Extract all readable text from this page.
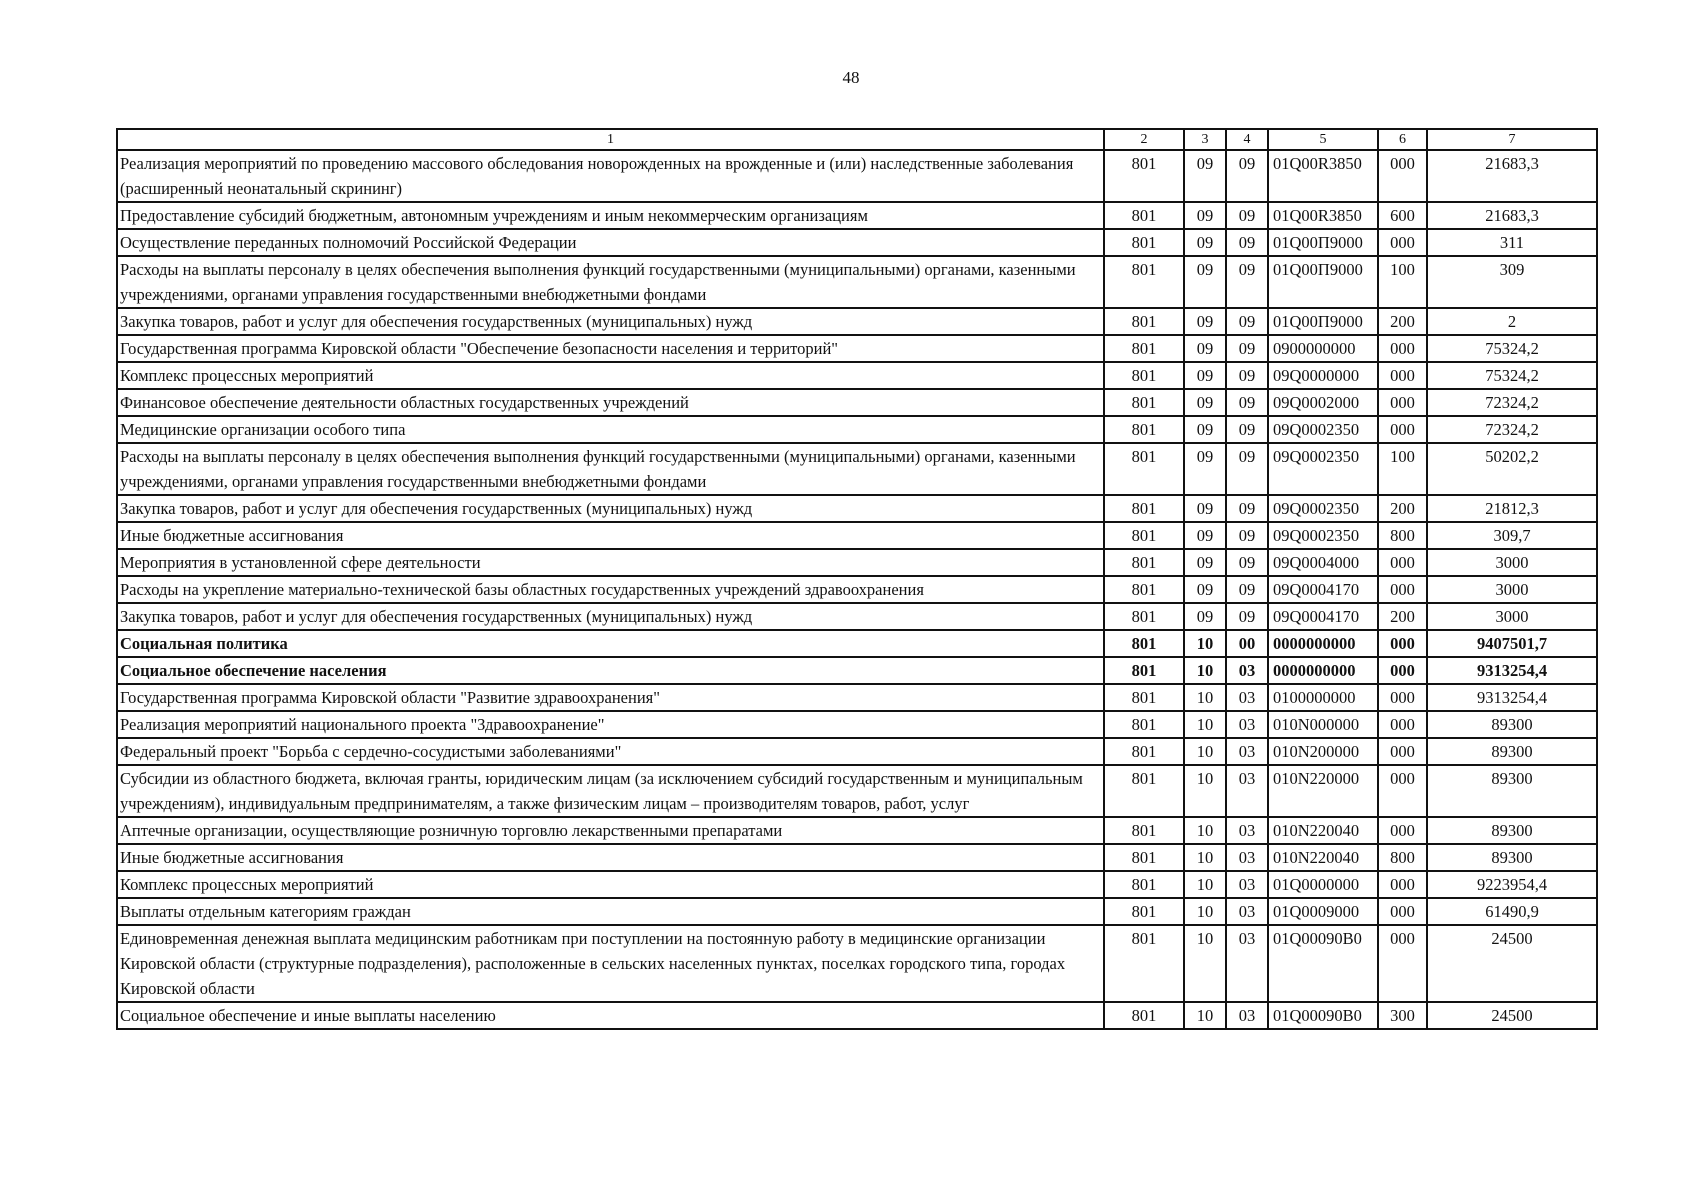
48
1	2	3	4	5	6	7
Реализация мероприятий по проведению массового обследования новорожденных на врожденные и (или) наследственные заболевания (расширенный неонатальный скрининг)	801	09	09	01Q00R3850	000	21683,3
Предоставление субсидий бюджетным, автономным учреждениям и иным некоммерческим организациям	801	09	09	01Q00R3850	600	21683,3
Осуществление переданных полномочий Российской Федерации	801	09	09	01Q00П9000	000	311
Расходы на выплаты персоналу в целях обеспечения выполнения функций государственными (муниципальными) органами, казенными учреждениями, органами управления государственными внебюджетными фондами	801	09	09	01Q00П9000	100	309
Закупка товаров, работ и услуг для обеспечения государственных (муниципальных) нужд	801	09	09	01Q00П9000	200	2
Государственная программа Кировской области "Обеспечение безопасности населения и территорий"	801	09	09	0900000000	000	75324,2
Комплекс процессных мероприятий	801	09	09	09Q0000000	000	75324,2
Финансовое обеспечение деятельности областных государственных учреждений	801	09	09	09Q0002000	000	72324,2
Медицинские организации особого типа	801	09	09	09Q0002350	000	72324,2
Расходы на выплаты персоналу в целях обеспечения выполнения функций государственными (муниципальными) органами, казенными учреждениями, органами управления государственными внебюджетными фондами	801	09	09	09Q0002350	100	50202,2
Закупка товаров, работ и услуг для обеспечения государственных (муниципальных) нужд	801	09	09	09Q0002350	200	21812,3
Иные бюджетные ассигнования	801	09	09	09Q0002350	800	309,7
Мероприятия в установленной сфере деятельности	801	09	09	09Q0004000	000	3000
Расходы на укрепление материально-технической базы областных государственных учреждений здравоохранения	801	09	09	09Q0004170	000	3000
Закупка товаров, работ и услуг для обеспечения государственных (муниципальных) нужд	801	09	09	09Q0004170	200	3000
Социальная политика	801	10	00	0000000000	000	9407501,7
Социальное обеспечение населения	801	10	03	0000000000	000	9313254,4
Государственная программа Кировской области "Развитие здравоохранения"	801	10	03	0100000000	000	9313254,4
Реализация мероприятий национального проекта "Здравоохранение"	801	10	03	010N000000	000	89300
Федеральный проект "Борьба с сердечно-сосудистыми заболеваниями"	801	10	03	010N200000	000	89300
Субсидии из областного бюджета, включая гранты, юридическим лицам (за исключением субсидий государственным и муниципальным учреждениям), индивидуальным предпринимателям, а также физическим лицам – производителям товаров, работ, услуг	801	10	03	010N220000	000	89300
Аптечные организации, осуществляющие розничную торговлю лекарственными препаратами	801	10	03	010N220040	000	89300
Иные бюджетные ассигнования	801	10	03	010N220040	800	89300
Комплекс процессных мероприятий	801	10	03	01Q0000000	000	9223954,4
Выплаты отдельным категориям граждан	801	10	03	01Q0009000	000	61490,9
Единовременная денежная выплата медицинским работникам при поступлении на постоянную работу в медицинские организации Кировской области (структурные подразделения), расположенные в сельских населенных пунктах, поселках городского типа, городах Кировской области	801	10	03	01Q00090B0	000	24500
Социальное обеспечение и иные выплаты населению	801	10	03	01Q00090B0	300	24500
